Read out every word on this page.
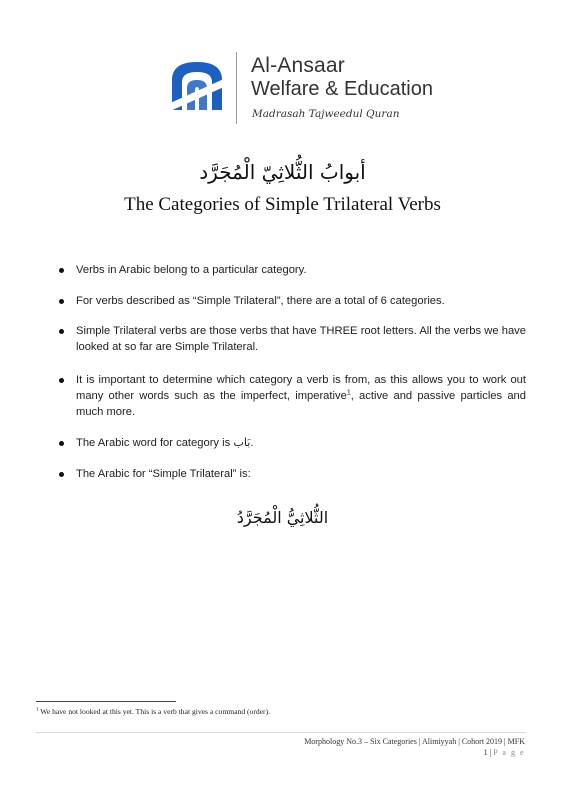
Al-Ansaar
Welfare & Education
Madrasah Tajweedul Quran
أبوابُ الثُّلاثِيّ الْمُجَرَّد
The Categories of Simple Trilateral Verbs
Verbs in Arabic belong to a particular category.
For verbs described as “Simple Trilateral”, there are a total of 6 categories.
Simple Trilateral verbs are those verbs that have THREE root letters. All the verbs we have looked at so far are Simple Trilateral.
It is important to determine which category a verb is from, as this allows you to work out many other words such as the imperfect, imperative$^1$, active and passive particles and much more.
The Arabic word for category is بَاب.
The Arabic for “Simple Trilateral” is:
الثُّلاثِيُّ الْمُجَرَّدُ
$^1$ We have not looked at this yet. This is a verb that gives a command (order).
Morphology No.3 – Six Categories | Alimiyyah | Cohort 2019 | MFK
1 | P a g e
